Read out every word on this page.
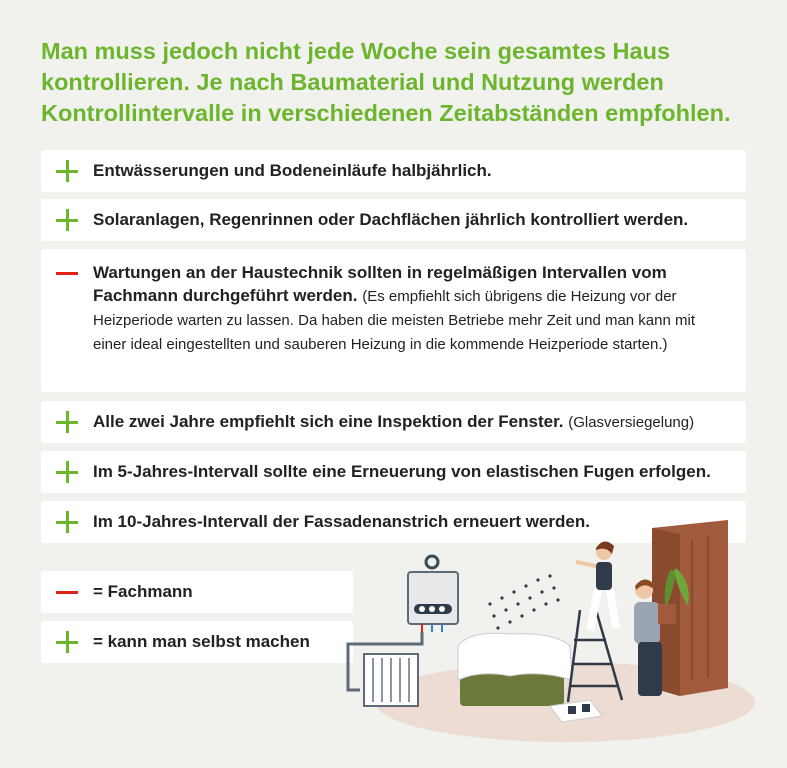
Man muss jedoch nicht jede Woche sein gesamtes Haus kontrollieren. Je nach Baumaterial und Nutzung werden Kontrollintervalle in verschiedenen Zeitabständen empfohlen.
Entwässerungen und Bodeneinläufe halbjährlich.
Solaranlagen, Regenrinnen oder Dachflächen jährlich kontrolliert werden.
Wartungen an der Haustechnik sollten in regelmäßigen Intervallen vom Fachmann durchgeführt werden. (Es empfiehlt sich übrigens die Heizung vor der Heizperiode warten zu lassen. Da haben die meisten Betriebe mehr Zeit und man kann mit einer ideal eingestellten und sauberen Heizung in die kommende Heizperiode starten.)
Alle zwei Jahre empfiehlt sich eine Inspektion der Fenster. (Glasversiegelung)
Im 5-Jahres-Intervall sollte eine Erneuerung von elastischen Fugen erfolgen.
Im 10-Jahres-Intervall der Fassadenanstrich erneuert werden.
= Fachmann
= kann man selbst machen
